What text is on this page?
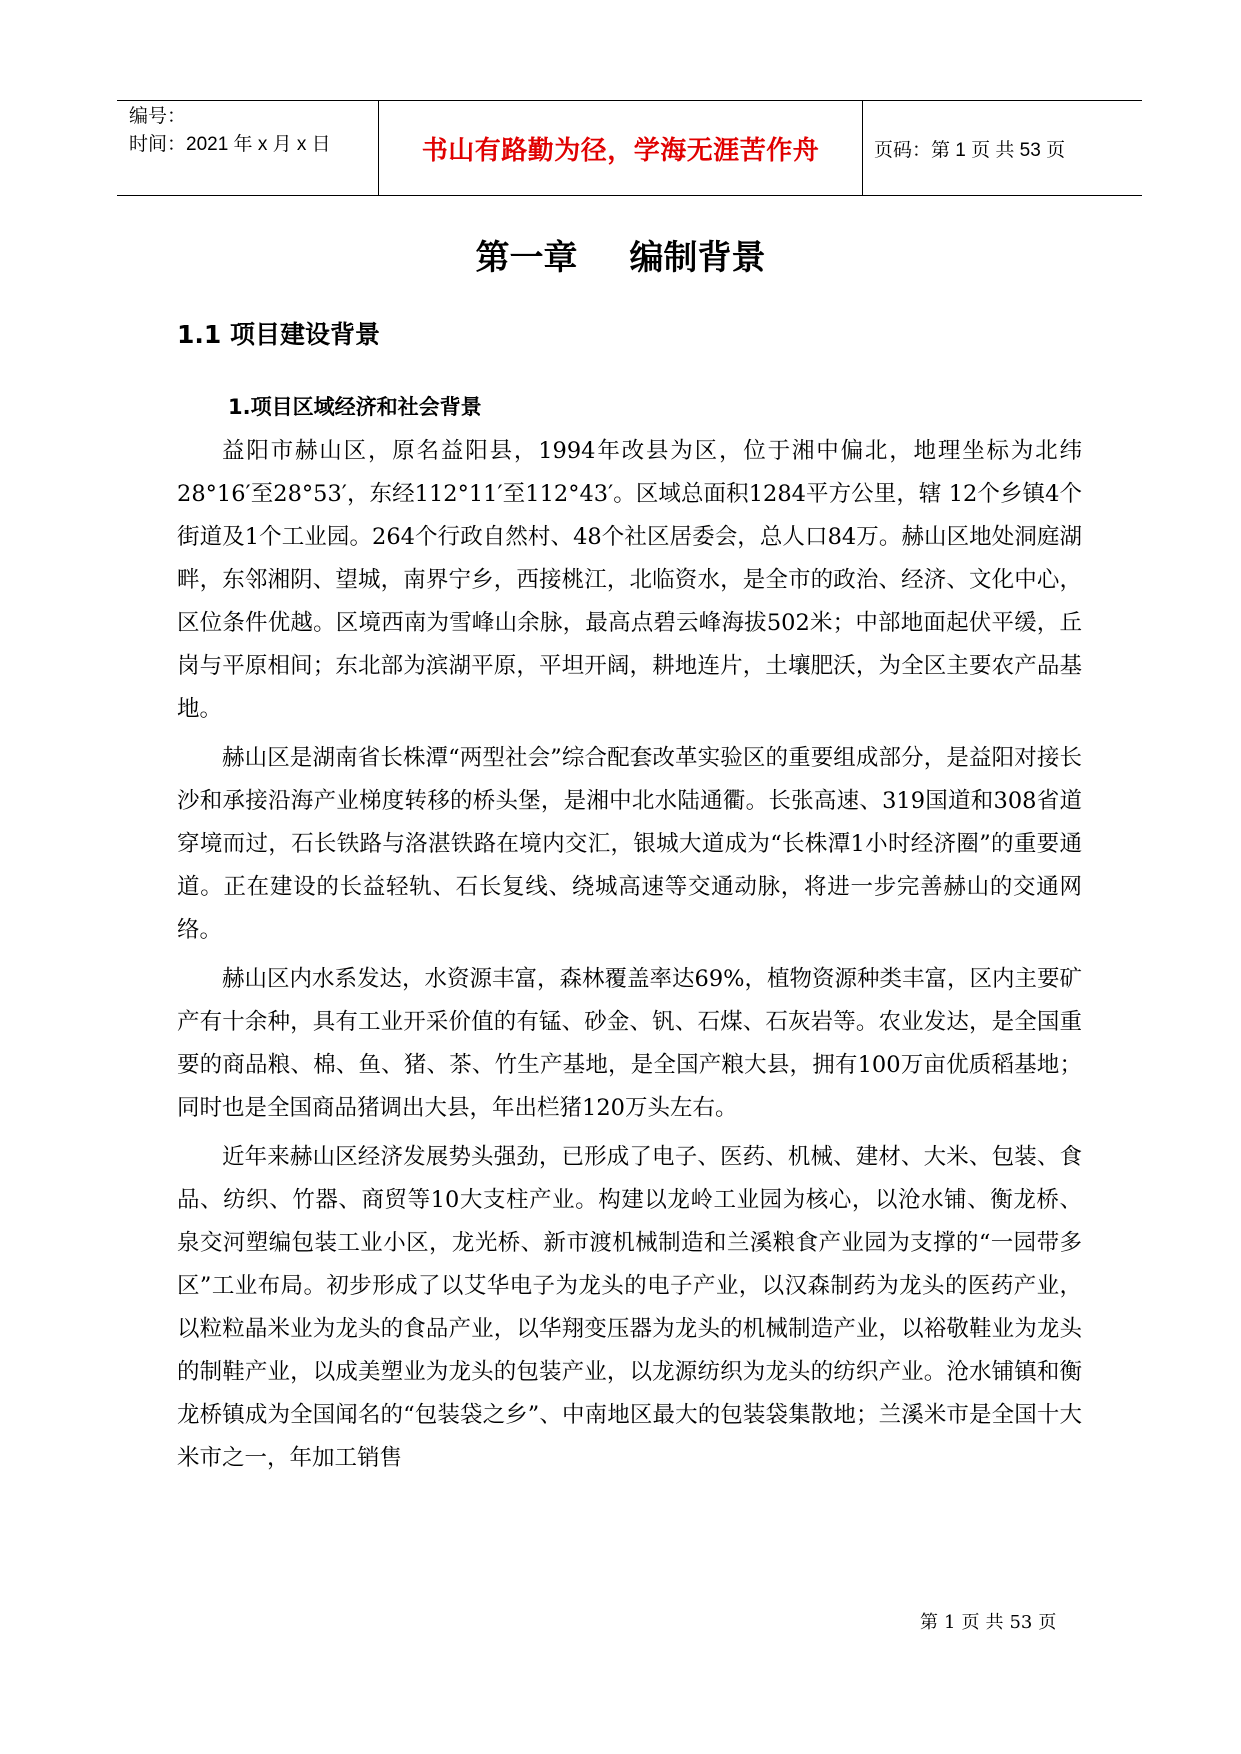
编号：
时间：2021 年 x 月 x 日	书山有路勤为径，学海无涯苦作舟	页码：第 1 页 共 53 页
第一章 编制背景
1.1 项目建设背景
1.项目区域经济和社会背景

益阳市赫山区，原名益阳县，1994年改县为区，位于湘中偏北，地理坐标为北纬28°16′至28°53′，东经112°11′至112°43′。区域总面积1284平方公里，辖 12个乡镇4个街道及1个工业园。264个行政自然村、48个社区居委会，总人口84万。赫山区地处洞庭湖畔，东邻湘阴、望城，南界宁乡，西接桃江，北临资水，是全市的政治、经济、文化中心，区位条件优越。区境西南为雪峰山余脉，最高点碧云峰海拔502米；中部地面起伏平缓，丘岗与平原相间；东北部为滨湖平原，平坦开阔，耕地连片，土壤肥沃，为全区主要农产品基地。

赫山区是湖南省长株潭“两型社会”综合配套改革实验区的重要组成部分，是益阳对接长沙和承接沿海产业梯度转移的桥头堡，是湘中北水陆通衢。长张高速、319国道和308省道穿境而过，石长铁路与洛湛铁路在境内交汇，银城大道成为“长株潭1小时经济圈”的重要通道。正在建设的长益轻轨、石长复线、绕城高速等交通动脉，将进一步完善赫山的交通网络。

赫山区内水系发达，水资源丰富，森林覆盖率达69%，植物资源种类丰富，区内主要矿产有十余种，具有工业开采价值的有锰、砂金、钒、石煤、石灰岩等。农业发达，是全国重要的商品粮、棉、鱼、猪、茶、竹生产基地，是全国产粮大县，拥有100万亩优质稻基地；同时也是全国商品猪调出大县，年出栏猪120万头左右。

近年来赫山区经济发展势头强劲，已形成了电子、医药、机械、建材、大米、包装、食品、纺织、竹器、商贸等10大支柱产业。构建以龙岭工业园为核心，以沧水铺、衡龙桥、泉交河塑编包装工业小区，龙光桥、新市渡机械制造和兰溪粮食产业园为支撑的“一园带多区”工业布局。初步形成了以艾华电子为龙头的电子产业，以汉森制药为龙头的医药产业，以粒粒晶米业为龙头的食品产业，以华翔变压器为龙头的机械制造产业，以裕敬鞋业为龙头的制鞋产业，以成美塑业为龙头的包装产业，以龙源纺织为龙头的纺织产业。沧水铺镇和衡龙桥镇成为全国闻名的“包装袋之乡”、中南地区最大的包装袋集散地；兰溪米市是全国十大米市之一，年加工销售

第 1 页 共 53 页
